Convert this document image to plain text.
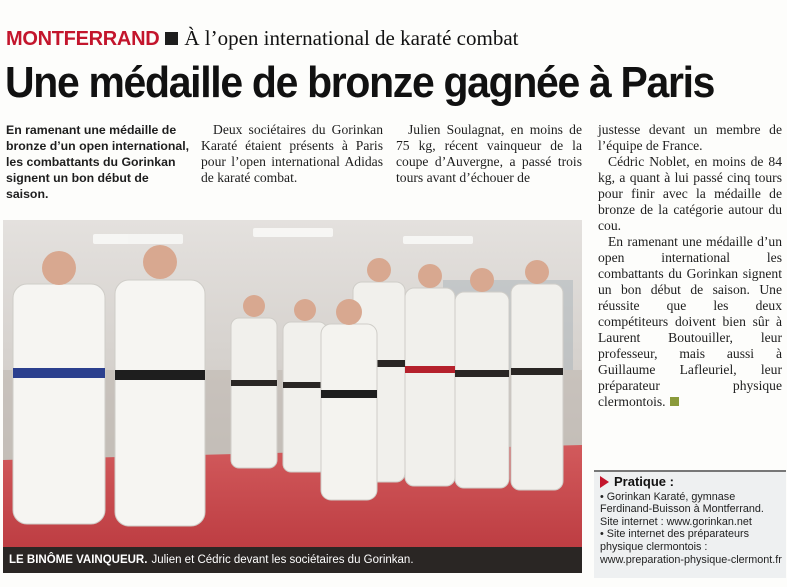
MONTFERRAND À l’open international de karaté combat
Une médaille de bronze gagnée à Paris

En ramenant une médaille de bronze d’un open international, les combattants du Gorinkan signent un bon début de saison.

Deux sociétaires du Gorinkan Karaté étaient présents à Paris pour l’open international Adidas de karaté combat.

Julien Soulagnat, en moins de 75 kg, récent vainqueur de la coupe d’Auvergne, a passé trois tours avant d’échouer de

justesse devant un membre de l’équipe de France.

Cédric Noblet, en moins de 84 kg, a quant à lui passé cinq tours pour finir avec la médaille de bronze de la catégorie autour du cou.

En ramenant une médaille d’un open international les combattants du Gorinkan signent un bon début de saison. Une réussite que les deux compétiteurs doivent bien sûr à Laurent Boutouiller, leur professeur, mais aussi à Guillaume Lafleuriel, leur préparateur physique clermontois.

LE BINÔME VAINQUEUR. Julien et Cédric devant les sociétaires du Gorinkan.
Pratique :

• Gorinkan Karaté, gymnase Ferdinand-Buisson à Montferrand. Site internet : www.gorinkan.net

• Site internet des préparateurs physique clermontois : www.preparation-physique-clermont.fr
